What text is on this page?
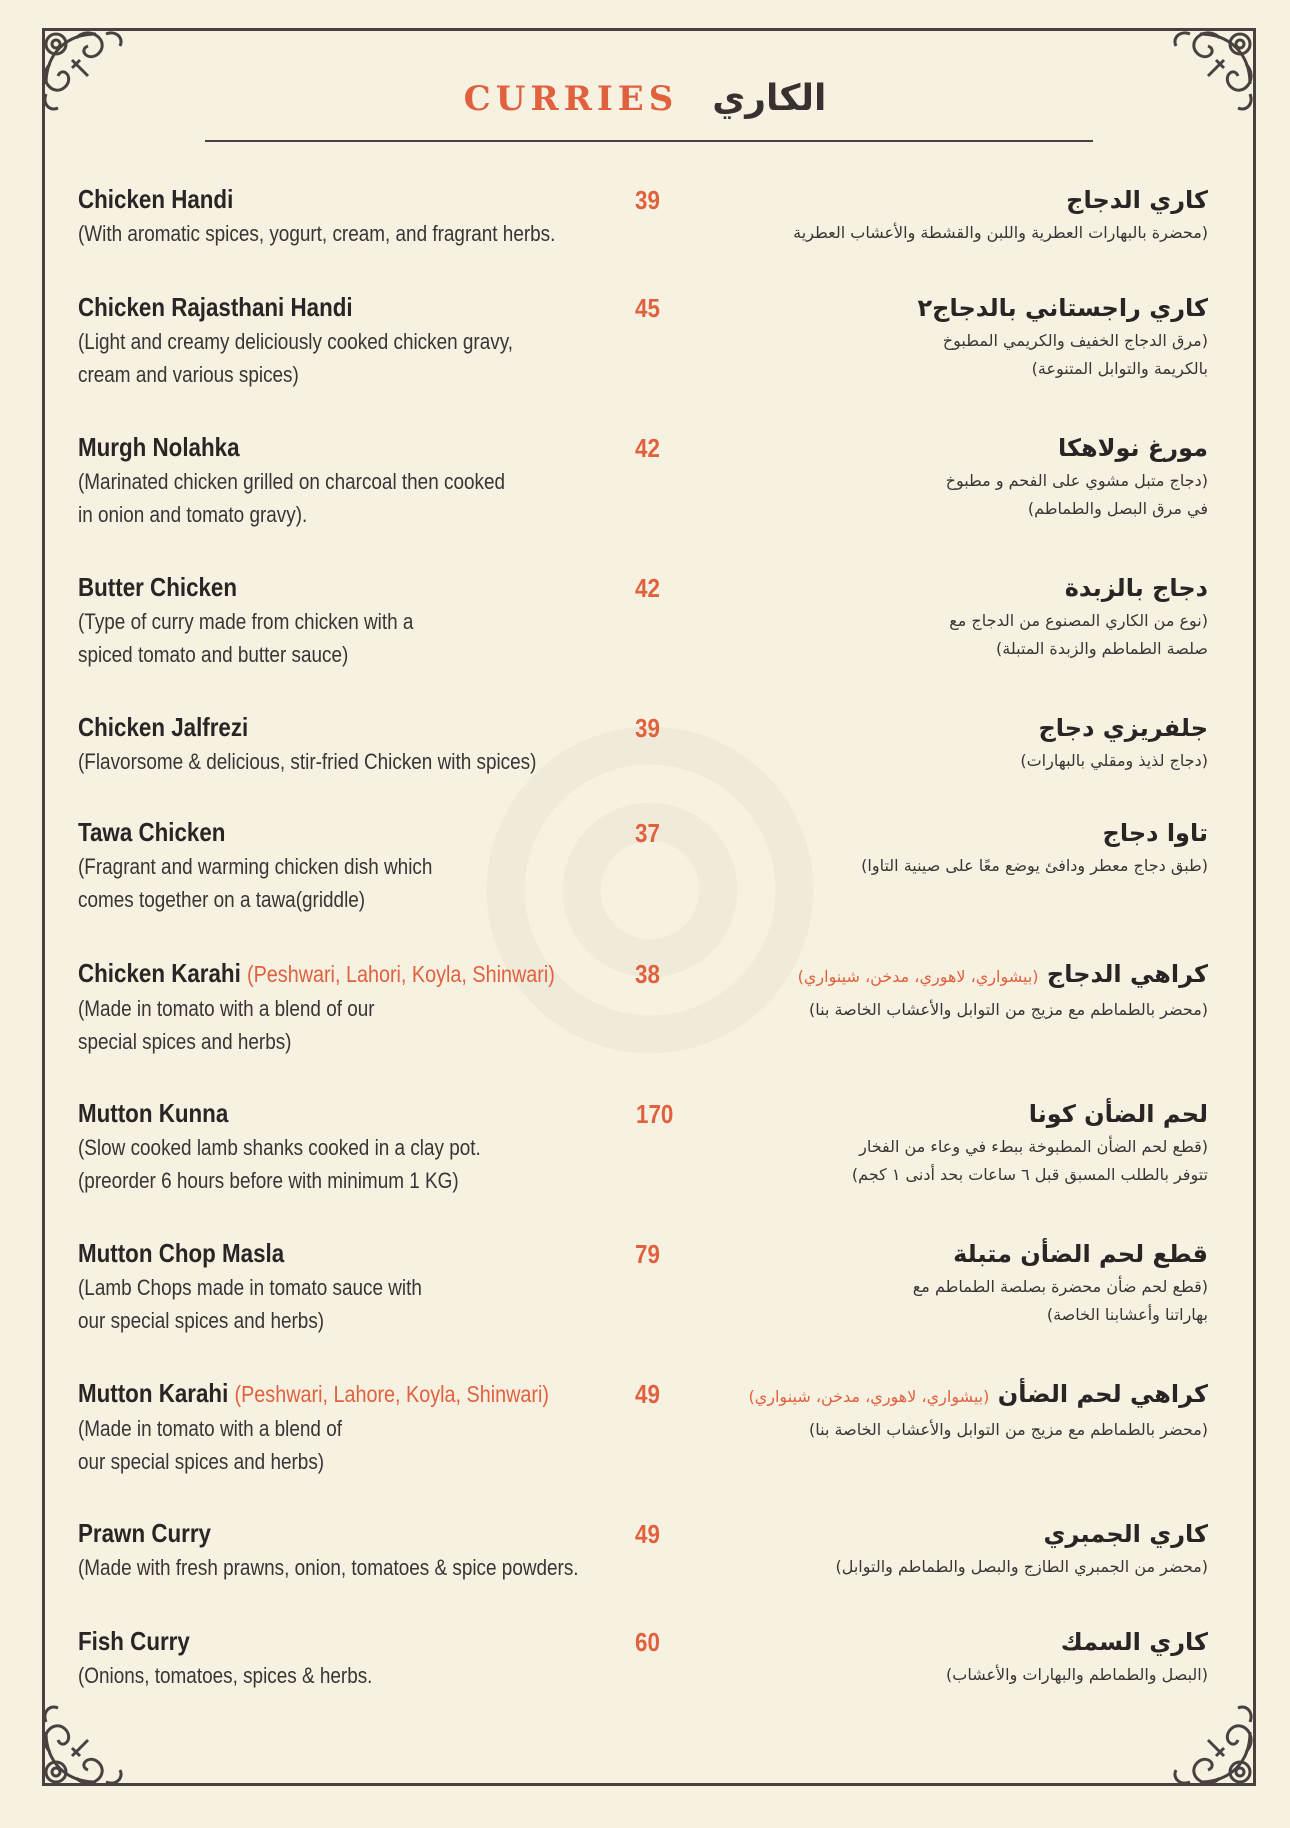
CURRIES الكاري
Chicken Handi
(With aromatic spices, yogurt, cream, and fragrant herbs.
39	كاري الدجاج
(محضرة بالبهارات العطرية واللبن والقشطة والأعشاب العطرية
Chicken Rajasthani Handi
(Light and creamy deliciously cooked chicken gravy,
cream and various spices)
45	كاري راجستاني بالدجاج٢
(مرق الدجاج الخفيف والكريمي المطبوخ
بالكريمة والتوابل المتنوعة)
Murgh Nolahka
(Marinated chicken grilled on charcoal then cooked
in onion and tomato gravy).
42	مورغ نولاهكا
(دجاج متبل مشوي على الفحم و مطبوخ
في مرق البصل والطماطم)
Butter Chicken
(Type of curry made from chicken with a
spiced tomato and butter sauce)
42	دجاج بالزبدة
(نوع من الكاري المصنوع من الدجاج مع
صلصة الطماطم والزبدة المتبلة)
Chicken Jalfrezi
(Flavorsome & delicious, stir-fried Chicken with spices)
39	جلفريزي دجاج
(دجاج لذيذ ومقلي بالبهارات)
Tawa Chicken
(Fragrant and warming chicken dish which
comes together on a tawa(griddle)
37	تاوا دجاج
(طبق دجاج معطر ودافئ يوضع معًا على صينية التاوا)
Chicken Karahi (Peshwari, Lahori, Koyla, Shinwari)
(Made in tomato with a blend of our
special spices and herbs)
38	كراهي الدجاج (بيشواري، لاهوري، مدخن، شينواري)
(محضر بالطماطم مع مزيج من التوابل والأعشاب الخاصة بنا)
Mutton Kunna
(Slow cooked lamb shanks cooked in a clay pot.
(preorder 6 hours before with minimum 1 KG)
170	لحم الضأن كونا
(قطع لحم الضأن المطبوخة ببطء في وعاء من الفخار
تتوفر بالطلب المسبق قبل ٦ ساعات بحد أدنى ١ كجم)
Mutton Chop Masla
(Lamb Chops made in tomato sauce with
our special spices and herbs)
79	قطع لحم الضأن متبلة
(قطع لحم ضأن محضرة بصلصة الطماطم مع
بهاراتنا وأعشابنا الخاصة)
Mutton Karahi (Peshwari, Lahore, Koyla, Shinwari)
(Made in tomato with a blend of
our special spices and herbs)
49	كراهي لحم الضأن (بيشواري، لاهوري، مدخن، شينواري)
(محضر بالطماطم مع مزيج من التوابل والأعشاب الخاصة بنا)
Prawn Curry
(Made with fresh prawns, onion, tomatoes & spice powders.
49	كاري الجمبري
(محضر من الجمبري الطازج والبصل والطماطم والتوابل)
Fish Curry
(Onions, tomatoes, spices & herbs.
60	كاري السمك
(البصل والطماطم والبهارات والأعشاب)
